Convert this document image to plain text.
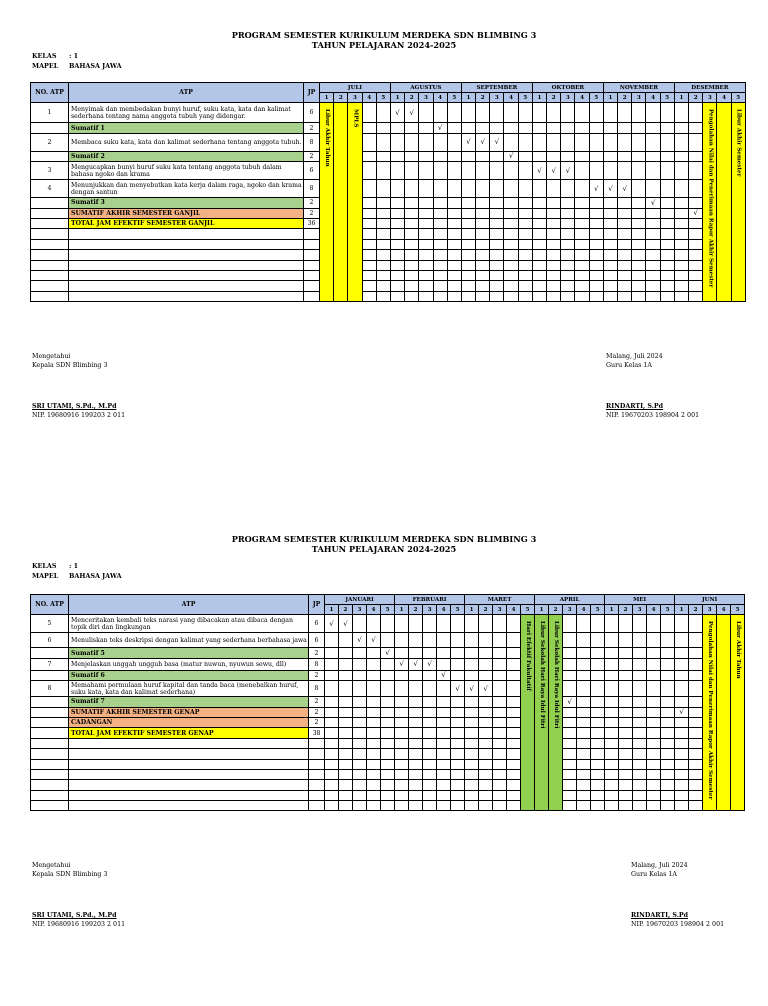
PROGRAM SEMESTER KURIKULUM MERDEKA SDN BLIMBING 3
TAHUN PELAJARAN 2024-2025
KELAS : 1
MAPEL BAHASA JAWA
NO. ATP	ATP	JP	JULI					AGUSTUS					SEPTEMBER					OKTOBER					NOVEMBER					DESEMBER				
			1	2	3	4	5	1	2	3	4	5	1	2	3	4	5	1	2	3	4	5	1	2	3	4	5	1	2	3	4	5
1	Menyimak dan membedakan bunyi huruf, suku kata, kata dan kalimat sederhana tentang nama anggota tubuh yang didengar.	6	Libur Akhir Tahun		MPLS			√	√																					Pengolahan Nilai dan Penerimaan Rapor Akhir Semester		Libur Akhir Semester

	Sumatif 1	2									√																					
2	Membaca suku kata, kata dan kalimat sederhana tentang anggota tubuh.	8											√	√	√																	
	Sumatif 2	2														√																
3	Mengucapkan bunyi huruf suku kata tentang anggota tubuh dalam bahasa ngoko dan krama	6																√	√	√												
4	Menunjukkan dan menyebutkan kata kerja dalam raga, ngoko dan krama dengan santun	8																				√	√	√								
	Sumatif 3	2																								√						
	SUMATIF AKHIR SEMESTER GANJIL	2																											√			
	TOTAL JAM EFEKTIF SEMESTER GANJIL	36																														

Mengetahui
Kepala SDN Blimbing 3
SRI UTAMI, S.Pd., M.Pd
NIP. 19680916 199203 2 011
Malang, Juli 2024
Guru Kelas 1A
RINDARTI, S.Pd
NIP. 19670203 198904 2 001
PROGRAM SEMESTER KURIKULUM MERDEKA SDN BLIMBING 3
TAHUN PELAJARAN 2024-2025
KELAS : 1
MAPEL BAHASA JAWA
NO. ATP	ATP	JP	JANUARI					FEBRUARI					MARET					APRIL					MEI					JUNI				
			1	2	3	4	5	1	2	3	4	5	1	2	3	4	5	1	2	3	4	5	1	2	3	4	5	1	2	3	4	5
5	Menceritakan kembali teks narasi yang dibacakan atau dibaca dengan topik diri dan lingkungan	6	√	√													Hari Efektif Fakultatif	Libur Sekolah Hari Raya Idul Fitri	Libur Sekolah Hari Raya Idul Fitri											Pengolahan Nilai dan Penerimaan Rapor Akhir Semester		Libur Akhir Tahun

6	Menuliskan teks deskripsi dengan kalimat yang sederhana berbahasa jawa	6			√	√																										
	Sumatif 5	2					√																									
7	Menjelaskan unggah ungguh basa (matur nuwun, nyuwun sewu, dll)	8						√	√	√																						
	Sumatif 6	2									√																					
8	Memahami permulaan huruf kapital dan tanda baca (menebalkan huruf, suku kata, kata dan kalimat sederhana)	8										√	√	√																		
	Sumatif 7	2																		√												
	SUMATIF AKHIR SEMESTER GENAP	2																										√				
	CADANGAN	2																														
	TOTAL JAM EFEKTIF SEMESTER GENAP	38																														

Mengetahui
Kepala SDN Blimbing 3
SRI UTAMI, S.Pd., M.Pd
NIP. 19680916 199203 2 011
Malang, Juli 2024
Guru Kelas 1A
RINDARTI, S.Pd
NIP. 19670203 198904 2 001
